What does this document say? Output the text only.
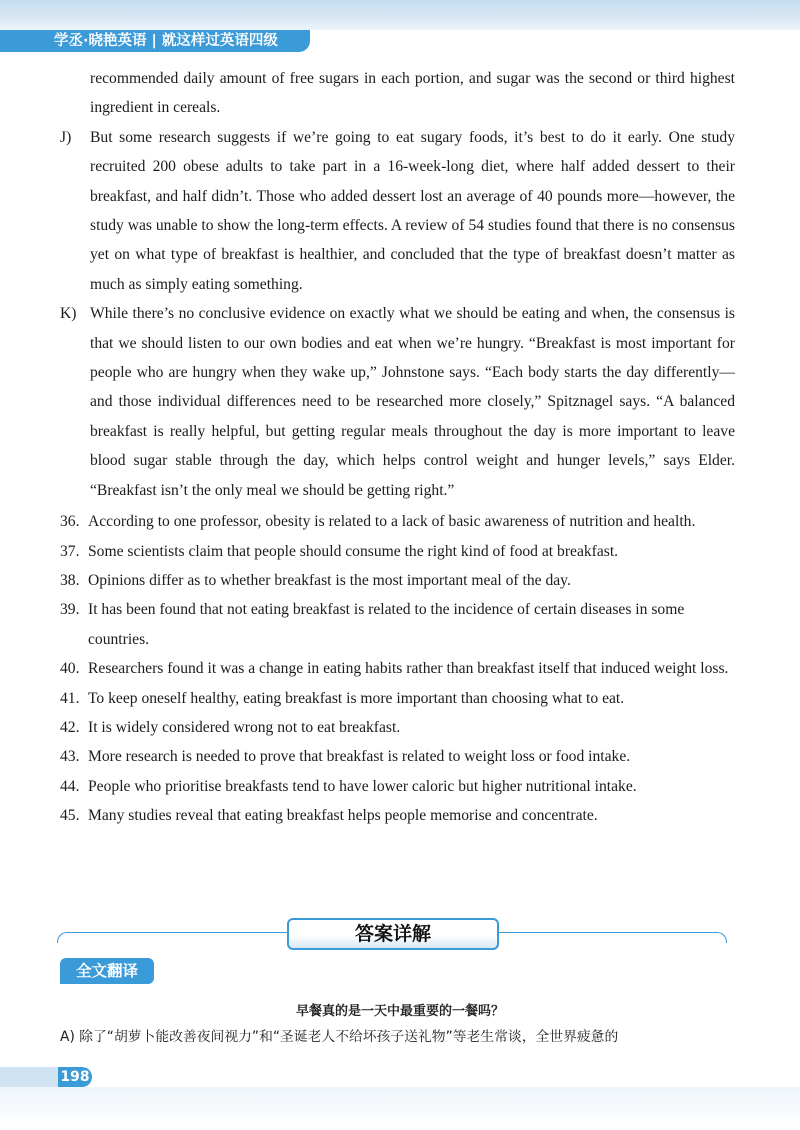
学丞·晓艳英语 | 就这样过英语四级

recommended daily amount of free sugars in each portion, and sugar was the second or third highest ingredient in cereals.

J) But some research suggests if we’re going to eat sugary foods, it’s best to do it early. One study recruited 200 obese adults to take part in a 16-week-long diet, where half added dessert to their breakfast, and half didn’t. Those who added dessert lost an average of 40 pounds more—however, the study was unable to show the long-term effects. A review of 54 studies found that there is no consensus yet on what type of breakfast is healthier, and concluded that the type of breakfast doesn’t matter as much as simply eating something.
K) While there’s no conclusive evidence on exactly what we should be eating and when, the consensus is that we should listen to our own bodies and eat when we’re hungry. “Breakfast is most important for people who are hungry when they wake up,” Johnstone says. “Each body starts the day differently—and those individual differences need to be researched more closely,” Spitznagel says. “A balanced breakfast is really helpful, but getting regular meals throughout the day is more important to leave blood sugar stable through the day, which helps control weight and hunger levels,” says Elder. “Breakfast isn’t the only meal we should be getting right.”
36. According to one professor, obesity is related to a lack of basic awareness of nutrition and health.
37. Some scientists claim that people should consume the right kind of food at breakfast.
38. Opinions differ as to whether breakfast is the most important meal of the day.
39. It has been found that not eating breakfast is related to the incidence of certain diseases in some countries.
40. Researchers found it was a change in eating habits rather than breakfast itself that induced weight loss.
41. To keep oneself healthy, eating breakfast is more important than choosing what to eat.
42. It is widely considered wrong not to eat breakfast.
43. More research is needed to prove that breakfast is related to weight loss or food intake.
44. People who prioritise breakfasts tend to have lower caloric but higher nutritional intake.
45. Many studies reveal that eating breakfast helps people memorise and concentrate.
答案详解
全文翻译
早餐真的是一天中最重要的一餐吗？
A) 除了“胡萝卜能改善夜间视力”和“圣诞老人不给坏孩子送礼物”等老生常谈，全世界疲惫的
198
